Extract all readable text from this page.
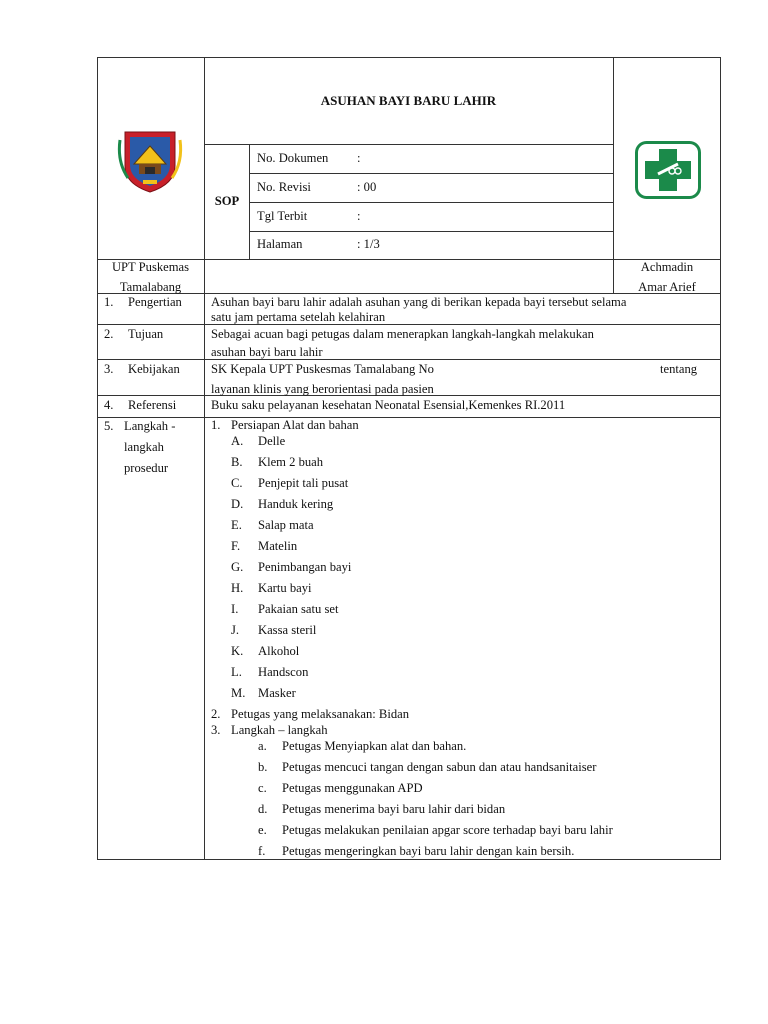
ASUHAN BAYI BARU LAHIR
SOP
No. Dokumen :
No. Revisi	: 00
Tgl Terbit	:
Halaman	: 1/3
UPT Puskemas
Tamalabang
Achmadin
Amar Arief
1. Pengertian Asuhan bayi baru lahir adalah asuhan yang di berikan kepada bayi tersebut selama
satu jam pertama setelah kelahiran
2. Tujuan	Sebagai acuan bagi petugas dalam menerapkan langkah-langkah melakukan
asuhan bayi baru lahir
3. Kebijakan SK Kepala UPT Puskesmas Tamalabang No	tentang
layanan klinis yang berorientasi pada pasien
4. Referensi	Buku saku pelayanan kesehatan Neonatal Esensial,Kemenkes RI.2011
5. Langkah -
langkah
prosedur
1. Persiapan Alat dan bahan
A. Delle
B. Klem 2 buah
C. Penjepit tali pusat
D. Handuk kering
E. Salap mata
F. Matelin
G. Penimbangan bayi
H. Kartu bayi
I. Pakaian satu set
J. Kassa steril
K. Alkohol
L. Handscon
M. Masker
2. Petugas yang melaksanakan: Bidan
3. Langkah – langkah
a. Petugas Menyiapkan alat dan bahan.
b. Petugas mencuci tangan dengan sabun dan atau handsanitaiser
c. Petugas menggunakan APD
d. Petugas menerima bayi baru lahir dari bidan
e. Petugas melakukan penilaian apgar score terhadap bayi baru lahir
f. Petugas mengeringkan bayi baru lahir dengan kain bersih.
